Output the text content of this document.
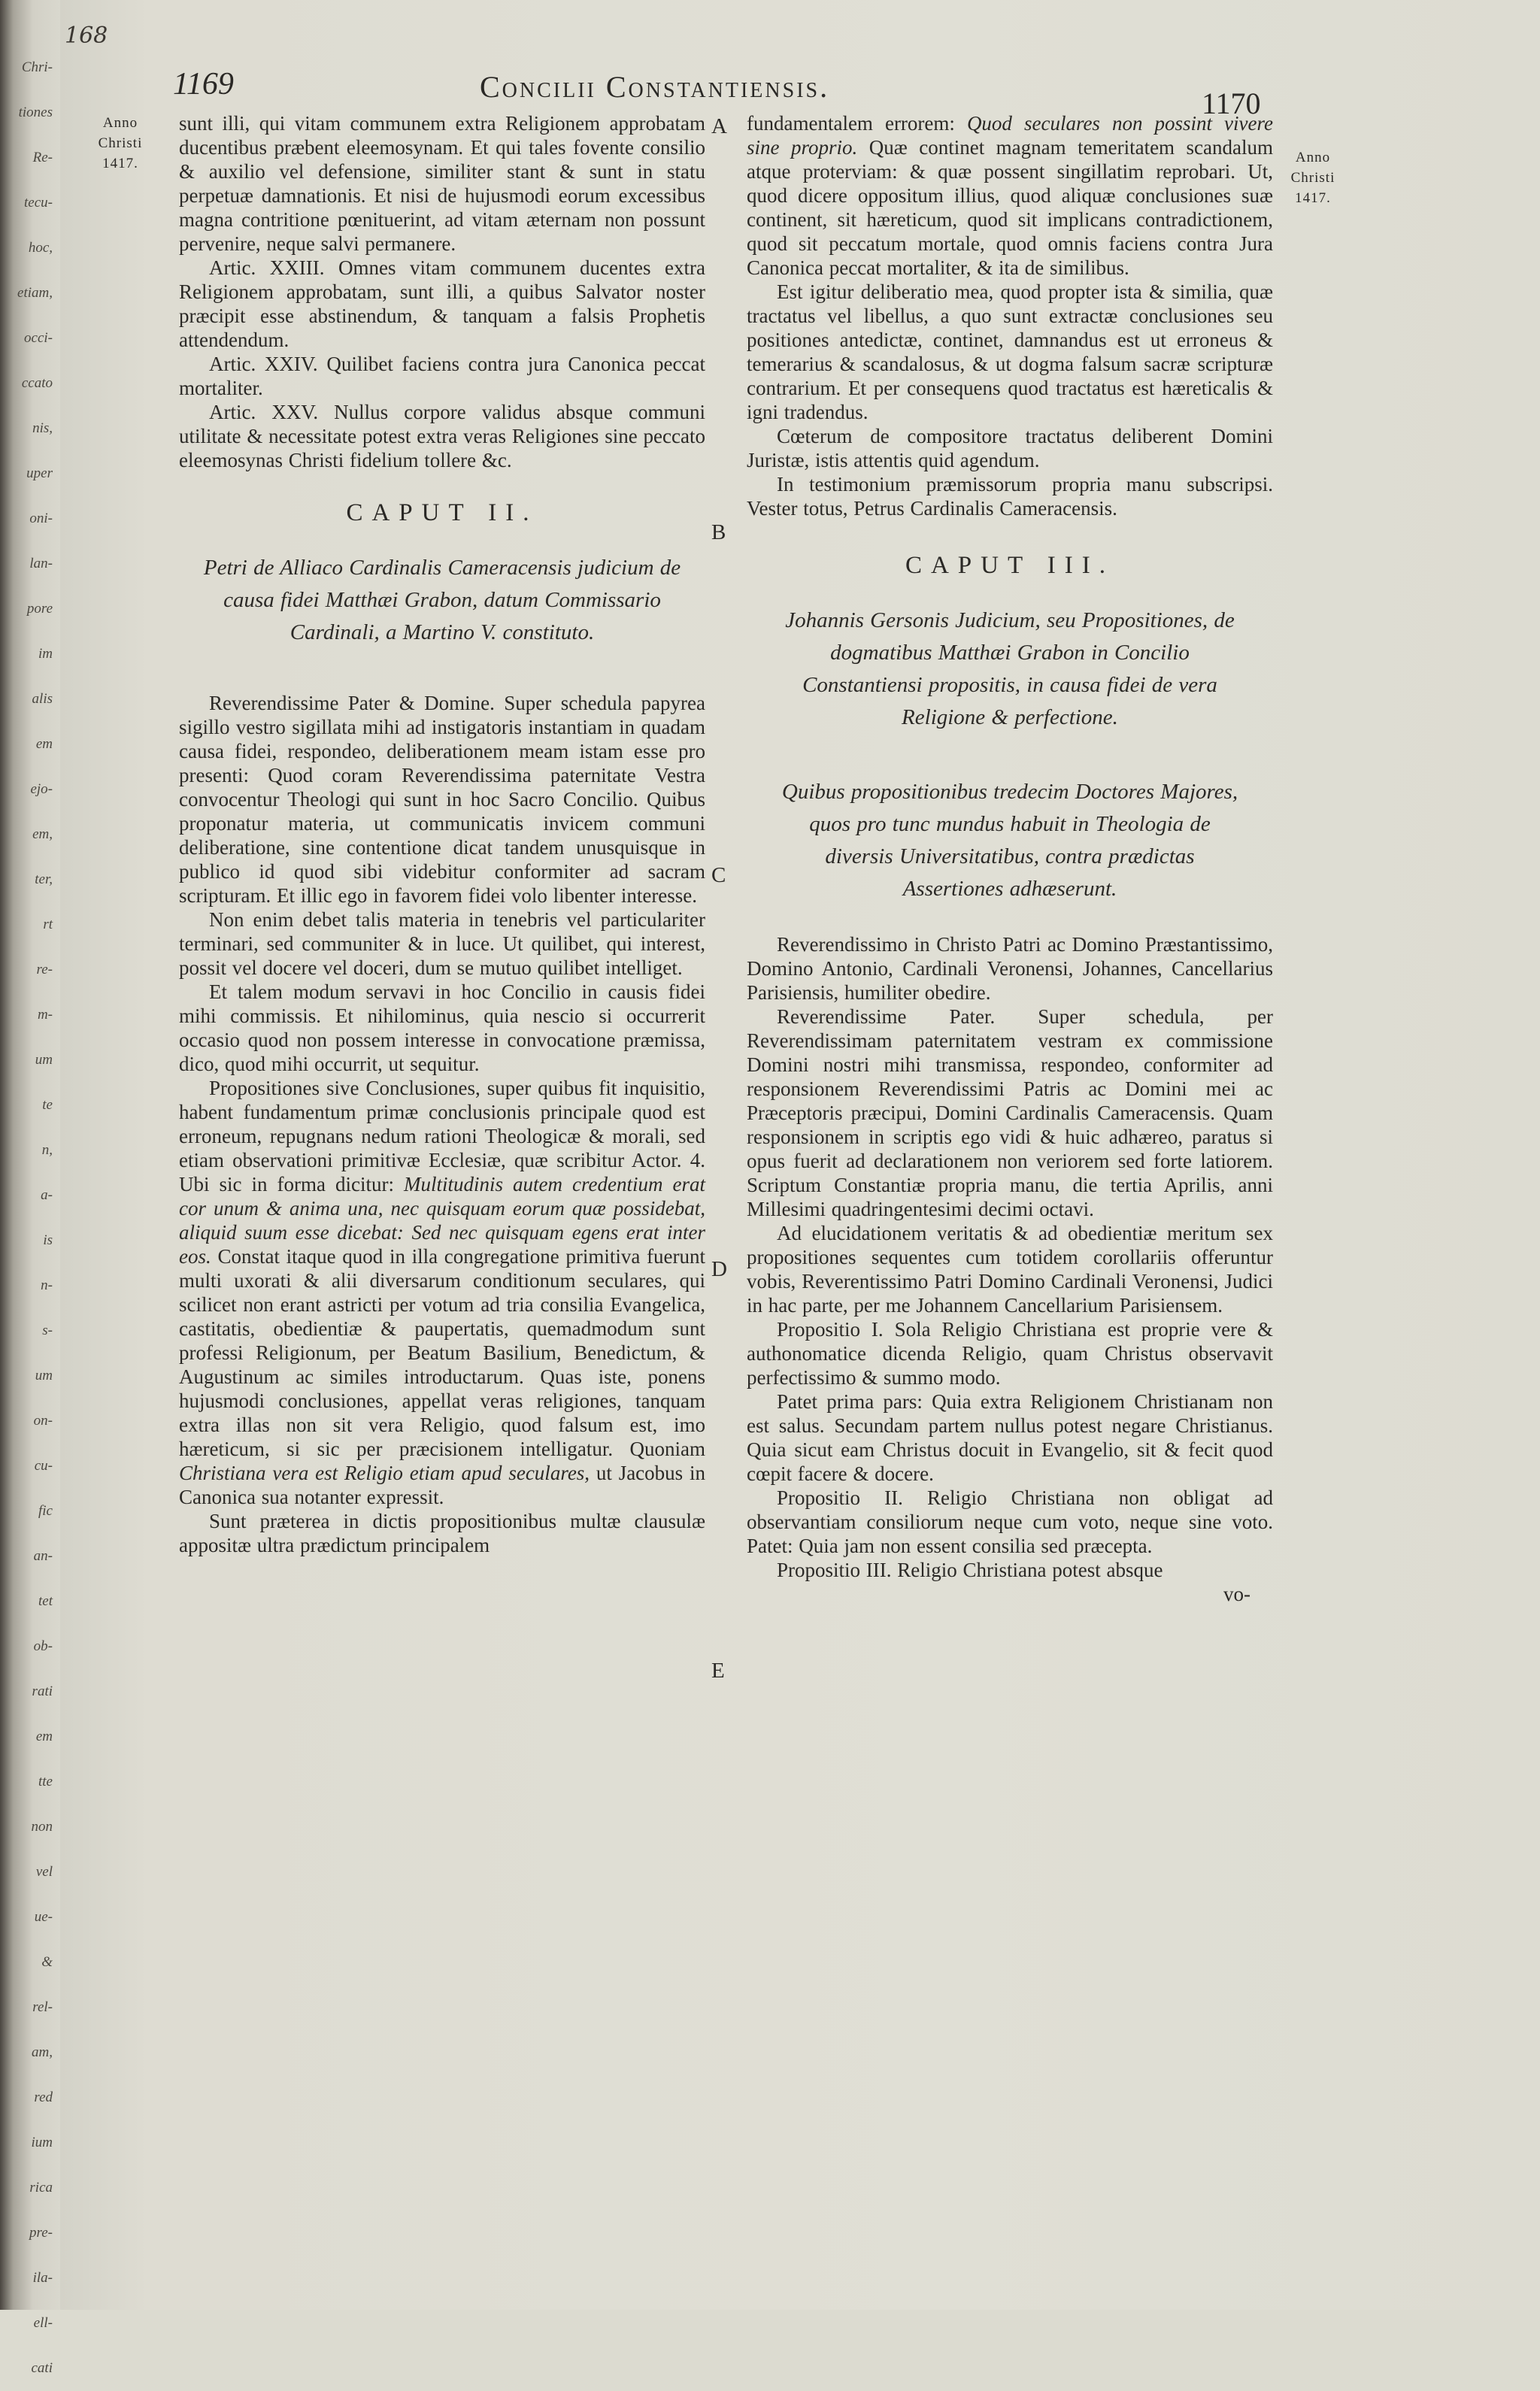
Chri-
tiones
Re-
tecu-
hoc,
etiam,
occi-
ccato
nis,
uper
oni-
lan-
pore
im
alis
em
ejo-
em,
ter,
rt
re-
m-
um
te
n,
a-
is
n-
s-
um
on-
cu-
fic
an-
tet
ob-
rati
em
tte
non
vel
ue-
&
rel-
am,
red
ium
rica
pre-
ila-
ell-
cati
168
1169	Concilii Constantiensis.	1170
Anno
Christi
1417.	Anno
Christi
1417.
A
B
C
D
E

sunt illi, qui vitam communem extra Religionem approbatam ducentibus præbent eleemosynam. Et qui tales fovente consilio & auxilio vel defensione, similiter stant & sunt in statu perpetuæ damnationis. Et nisi de hujusmodi eorum excessibus magna contritione pœnituerint, ad vitam æternam non possunt pervenire, neque salvi permanere.

Artic. XXIII. Omnes vitam communem ducentes extra Religionem approbatam, sunt illi, a quibus Salvator noster præcipit esse abstinendum, & tanquam a falsis Prophetis attendendum.

Artic. XXIV. Quilibet faciens contra jura Canonica peccat mortaliter.

Artic. XXV. Nullus corpore validus absque communi utilitate & necessitate potest extra veras Religiones sine peccato eleemosynas Christi fidelium tollere &c.

CAPUT II.

Petri de Alliaco Cardinalis Cameracensis judicium de causa fidei Matthæi Grabon, datum Commissario Cardinali, a Martino V. constituto.

Reverendissime Pater & Domine. Super schedula papyrea sigillo vestro sigillata mihi ad instigatoris instantiam in quadam causa fidei, respondeo, deliberationem meam istam esse pro presenti: Quod coram Reverendissima paternitate Vestra convocentur Theologi qui sunt in hoc Sacro Concilio. Quibus proponatur materia, ut communicatis invicem communi deliberatione, sine contentione dicat tandem unusquisque in publico id quod sibi videbitur conformiter ad sacram scripturam. Et illic ego in favorem fidei volo libenter interesse.

Non enim debet talis materia in tenebris vel particulariter terminari, sed communiter & in luce. Ut quilibet, qui interest, possit vel docere vel doceri, dum se mutuo quilibet intelliget.

Et talem modum servavi in hoc Concilio in causis fidei mihi commissis. Et nihilominus, quia nescio si occurrerit occasio quod non possem interesse in convocatione præmissa, dico, quod mihi occurrit, ut sequitur.

Propositiones sive Conclusiones, super quibus fit inquisitio, habent fundamentum primæ conclusionis principale quod est erroneum, repugnans nedum rationi Theologicæ & morali, sed etiam observationi primitivæ Ecclesiæ, quæ scribitur Actor. 4. Ubi sic in forma dicitur: Multitudinis autem credentium erat cor unum & anima una, nec quisquam eorum quæ possidebat, aliquid suum esse dicebat: Sed nec quisquam egens erat inter eos. Constat itaque quod in illa congregatione primitiva fuerunt multi uxorati & alii diversarum conditionum seculares, qui scilicet non erant astricti per votum ad tria consilia Evangelica, castitatis, obedientiæ & paupertatis, quemadmodum sunt professi Religionum, per Beatum Basilium, Benedictum, & Augustinum ac similes introductarum. Quas iste, ponens hujusmodi conclusiones, appellat veras religiones, tanquam extra illas non sit vera Religio, quod falsum est, imo hæreticum, si sic per præcisionem intelligatur. Quoniam Christiana vera est Religio etiam apud seculares, ut Jacobus in Canonica sua notanter expressit.

Sunt præterea in dictis propositionibus multæ clausulæ appositæ ultra prædictum principalem

fundamentalem errorem: Quod seculares non possint vivere sine proprio. Quæ continet magnam temeritatem scandalum atque proterviam: & quæ possent singillatim reprobari. Ut, quod dicere oppositum illius, quod aliquæ conclusiones suæ continent, sit hæreticum, quod sit implicans contradictionem, quod sit peccatum mortale, quod omnis faciens contra Jura Canonica peccat mortaliter, & ita de similibus.

Est igitur deliberatio mea, quod propter ista & similia, quæ tractatus vel libellus, a quo sunt extractæ conclusiones seu positiones antedictæ, continet, damnandus est ut erroneus & temerarius & scandalosus, & ut dogma falsum sacræ scripturæ contrarium. Et per consequens quod tractatus est hæreticalis & igni tradendus.

Cœterum de compositore tractatus deliberent Domini Juristæ, istis attentis quid agendum.

In testimonium præmissorum propria manu subscripsi. Vester totus, Petrus Cardinalis Cameracensis.

CAPUT III.

Johannis Gersonis Judicium, seu Propositiones, de dogmatibus Matthæi Grabon in Concilio Constantiensi propositis, in causa fidei de vera Religione & perfectione.

Quibus propositionibus tredecim Doctores Majores, quos pro tunc mundus habuit in Theologia de diversis Universitatibus, contra prædictas Assertiones adhæserunt.

Reverendissimo in Christo Patri ac Domino Præstantissimo, Domino Antonio, Cardinali Veronensi, Johannes, Cancellarius Parisiensis, humiliter obedire.

Reverendissime Pater. Super schedula, per Reverendissimam paternitatem vestram ex commissione Domini nostri mihi transmissa, respondeo, conformiter ad responsionem Reverendissimi Patris ac Domini mei ac Præceptoris præcipui, Domini Cardinalis Cameracensis. Quam responsionem in scriptis ego vidi & huic adhæreo, paratus si opus fuerit ad declarationem non veriorem sed forte latiorem. Scriptum Constantiæ propria manu, die tertia Aprilis, anni Millesimi quadringentesimi decimi octavi.

Ad elucidationem veritatis & ad obedientiæ meritum sex propositiones sequentes cum totidem corollariis offeruntur vobis, Reverentissimo Patri Domino Cardinali Veronensi, Judici in hac parte, per me Johannem Cancellarium Parisiensem.

Propositio I. Sola Religio Christiana est proprie vere & authonomatice dicenda Religio, quam Christus observavit perfectissimo & summo modo.

Patet prima pars: Quia extra Religionem Christianam non est salus. Secundam partem nullus potest negare Christianus. Quia sicut eam Christus docuit in Evangelio, sit & fecit quod cœpit facere & docere.

Propositio II. Religio Christiana non obligat ad observantiam consiliorum neque cum voto, neque sine voto. Patet: Quia jam non essent consilia sed præcepta.

Propositio III. Religio Christiana potest absque

vo-
